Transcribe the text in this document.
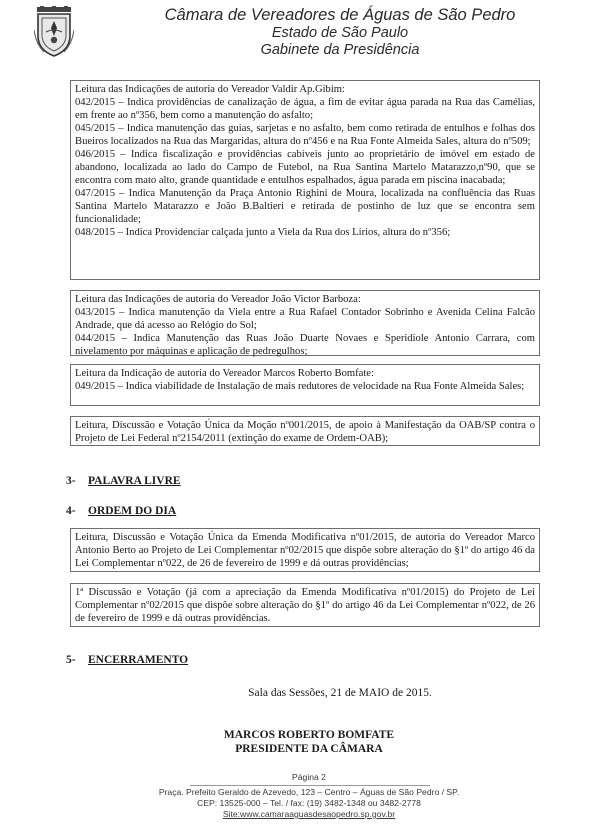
Câmara de Vereadores de Águas de São Pedro
Estado de São Paulo
Gabinete da Presidência

Leitura das Indicações de autoria do Vereador Valdir Ap.Gibim:

042/2015 – Indica providências de canalização de água, a fim de evitar água parada na Rua das Camélias, em frente ao nº356, bem como a manutenção do asfalto;

045/2015 – Indica manutenção das guias, sarjetas e no asfalto, bem como retirada de entulhos e folhas dos Bueiros localizados na Rua das Margaridas, altura do nº456 e na Rua Fonte Almeida Sales, altura do nº509;

046/2015 – Indica fiscalização e providências cabíveis junto ao proprietário de imóvel em estado de abandono, localizada ao lado do Campo de Futebol, na Rua Santina Martelo Matarazzo,nº90, que se encontra com mato alto, grande quantidade e entulhos espalhados, água parada em piscina inacabada;

047/2015 – Indica Manutenção da Praça Antonio Righini de Moura, localizada na confluência das Ruas Santina Martelo Matarazzo e João B.Baltieri e retirada de postinho de luz que se encontra sem funcionalidade;

048/2015 – Indica Providenciar calçada junto a Viela da Rua dos Lírios, altura do nº356;

Leitura das Indicações de autoria do Vereador João Victor Barboza:

043/2015 – Indica manutenção da Viela entre a Rua Rafael Contador Sobrinho e Avenida Celina Falcão Andrade, que dá acesso ao Relógio do Sol;

044/2015 – Indica Manutenção das Ruas João Duarte Novaes e Speridiole Antonio Carrara, com nivelamento por máquinas e aplicação de pedregulhos;

Leitura da Indicação de autoria do Vereador Marcos Roberto Bomfate:

049/2015 – Indica viabilidade de Instalação de mais redutores de velocidade na Rua Fonte Almeida Sales;

Leitura, Discussão e Votação Única da Moção nº001/2015, de apoio à Manifestação da OAB/SP contra o Projeto de Lei Federal nº2154/2011 (extinção do exame de Ordem-OAB);

3- PALAVRA LIVRE
4- ORDEM DO DIA

Leitura, Discussão e Votação Única da Emenda Modificativa nº01/2015, de autoria do Vereador Marco Antonio Berto ao Projeto de Lei Complementar nº02/2015 que dispõe sobre alteração do §1º do artigo 46 da Lei Complementar nº022, de 26 de fevereiro de 1999 e dá outras providências;

1ª Discussão e Votação (já com a apreciação da Emenda Modificativa nº01/2015) do Projeto de Lei Complementar nº02/2015 que dispõe sobre alteração do §1º do artigo 46 da Lei Complementar nº022, de 26 de fevereiro de 1999 e dá outras providências.

5- ENCERRAMENTO
Sala das Sessões, 21 de MAIO de 2015.
MARCOS ROBERTO BOMFATE
PRESIDENTE DA CÂMARA
Página 2
Praça. Prefeito Geraldo de Azevedo, 123 – Centro – Águas de São Pedro / SP.
CEP: 13525-000 – Tel. / fax: (19) 3482-1348 ou 3482-2778
Site:www.camaraaguasdesaopedro.sp.gov.br
